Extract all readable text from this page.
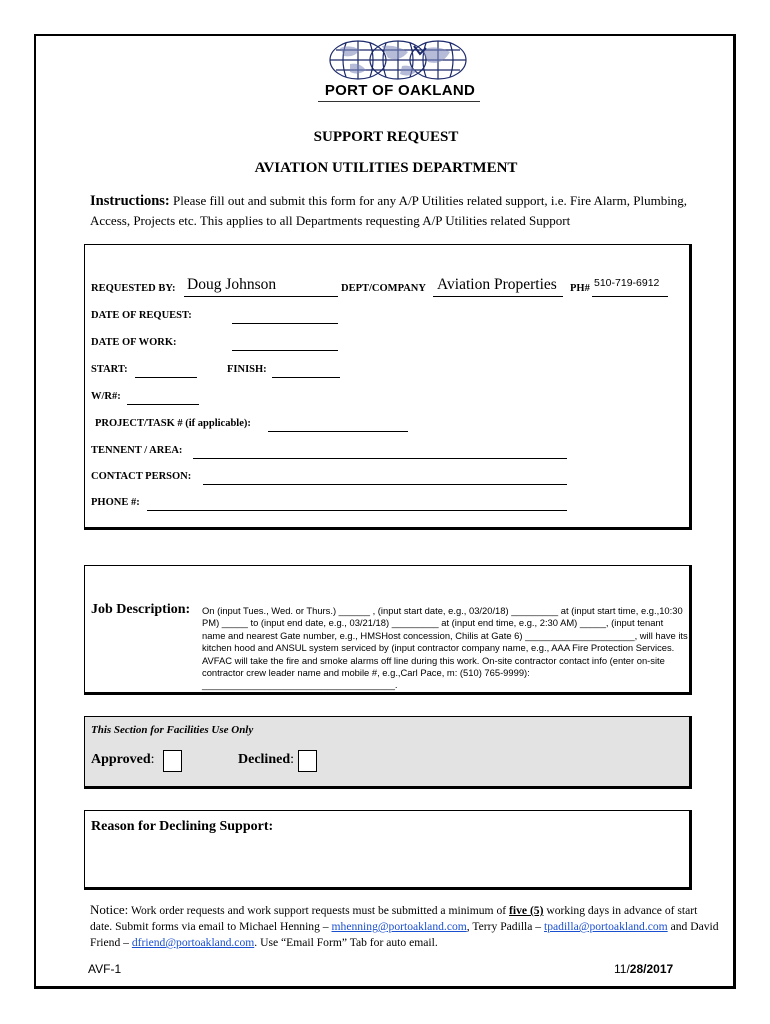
PORT OF OAKLAND
SUPPORT REQUEST
AVIATION UTILITIES DEPARTMENT
Instructions: Please fill out and submit this form for any A/P Utilities related support, i.e. Fire Alarm, Plumbing, Access, Projects etc. This applies to all Departments requesting A/P Utilities related Support
REQUESTED BY: Doug Johnson	DEPT/COMPANY Aviation Properties PH# 510-719-6912
DATE OF REQUEST:
DATE OF WORK:
START:	FINISH:
W/R#:
PROJECT/TASK # (if applicable):
TENNENT / AREA:
CONTACT PERSON:
PHONE #:
Job Description: On (input Tues., Wed. or Thurs.) ______ , (input start date, e.g., 03/20/18) _________ at (input start time, e.g.,10:30 PM) _____ to (input end date, e.g., 03/21/18) _________ at (input end time, e.g., 2:30 AM) _____, (input tenant name and nearest Gate number, e.g., HMSHost concession, Chilis at Gate 6) _____________________, will have its kitchen hood and ANSUL system serviced by (input contractor company name, e.g., AAA Fire Protection Services. AVFAC will take the fire and smoke alarms off line during this work. On-site contractor contact info (enter on-site contractor crew leader name and mobile #, e.g.,Carl Pace, m: (510) 765-9999): _____________________________________.
This Section for Facilities Use Only
Approved:	Declined:
Reason for Declining Support:
Notice: Work order requests and work support requests must be submitted a minimum of five (5) working days in advance of start date. Submit forms via email to Michael Henning – mhenning@portoakland.com, Terry Padilla – tpadilla@portoakland.com and David Friend – dfriend@portoakland.com. Use “Email Form” Tab for auto email.
AVF-1	11/28/2017
